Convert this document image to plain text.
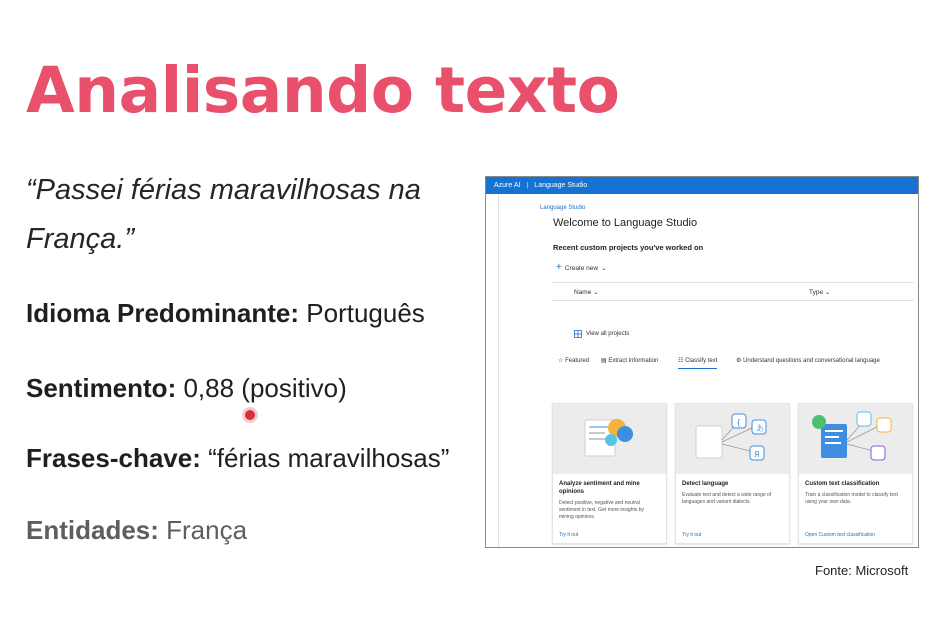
Analisando texto
“Passei férias maravilhosas na França.”
Idioma Predominante: Português
Sentimento: 0,88 (positivo)
Frases-chave: “férias maravilhosas”
Entidades: França
Azure AI | Language Studio
Language Studio
Welcome to Language Studio
Recent custom projects you've worked on
+ Create new ⌄
Name ⌄	Type ⌄
View all projects
☆ Featured ▤ Extract information	☷ Classify text	⚙ Understand questions and conversational language
Analyze sentiment and mine opinions
Detect positive, negative and neutral sentiment in text. Get more insights by mining opinions.
Try it out
{
あ
Я
Detect language
Evaluate text and detect a wide range of languages and variant dialects.
Try it out
Custom text classification
Train a classification model to classify text using your own data.
Open Custom text classification
Fonte: Microsoft
